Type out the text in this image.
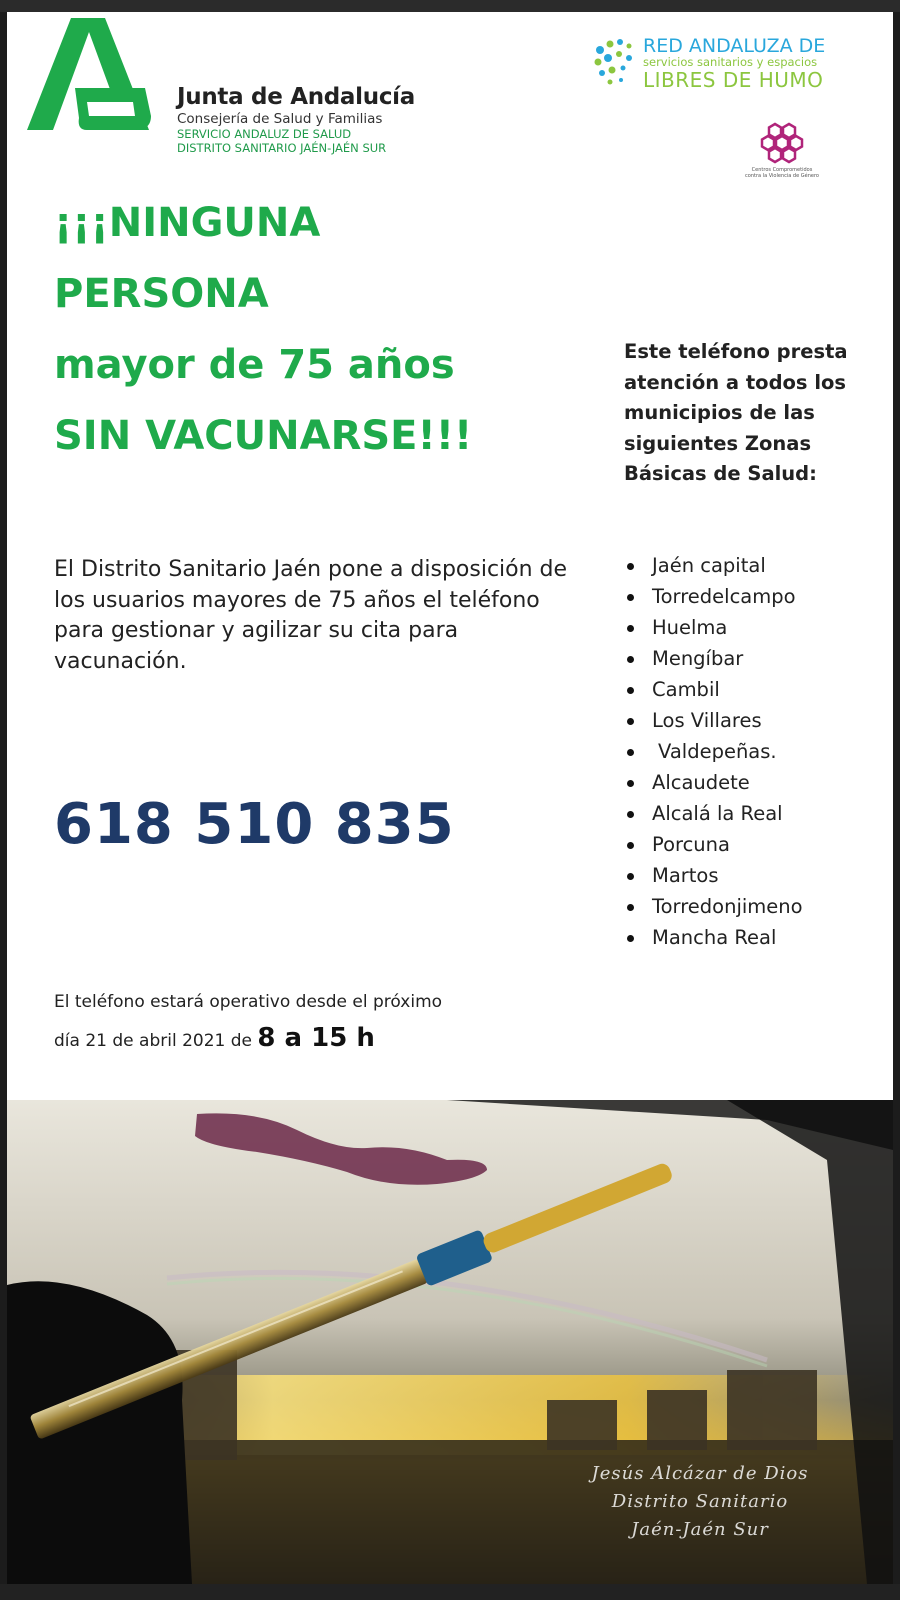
Junta de Andalucía
Consejería de Salud y Familias
SERVICIO ANDALUZ DE SALUD
DISTRITO SANITARIO JAÉN-JAÉN SUR
RED ANDALUZA DE
servicios sanitarios y espacios
LIBRES DE HUMO
Centros Comprometidos
contra la Violencia de Género
¡¡¡NINGUNA
PERSONA
mayor de 75 años
SIN VACUNARSE!!!
Este teléfono presta atención a todos los municipios de las siguientes Zonas Básicas de Salud:
Jaén capital
Torredelcampo
Huelma
Mengíbar
Cambil
Los Villares
Valdepeñas.
Alcaudete
Alcalá la Real
Porcuna
Martos
Torredonjimeno
Mancha Real
El Distrito Sanitario Jaén pone a disposición de los usuarios mayores de 75 años el teléfono para gestionar y agilizar su cita para vacunación.
618 510 835
El teléfono estará operativo desde el próximo
día 21 de abril 2021 de 8 a 15 h
Jesús Alcázar de Dios
Distrito Sanitario
Jaén-Jaén Sur
